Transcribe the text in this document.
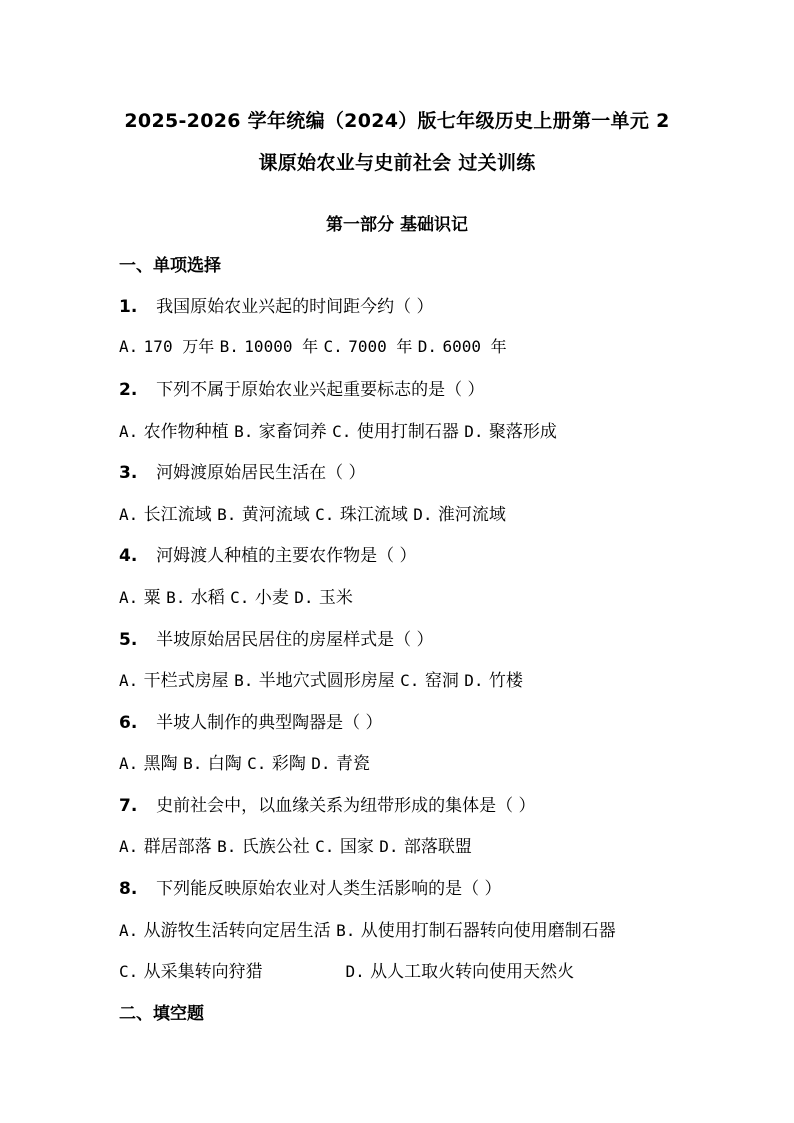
2025-2026 学年统编（2024）版七年级历史上册第一单元 2
课原始农业与史前社会 过关训练
第一部分 基础识记
一、单项选择
1. 我国原始农业兴起的时间距今约（ ）
A. 170 万年 B. 10000 年 C. 7000 年 D. 6000 年
2. 下列不属于原始农业兴起重要标志的是（ ）
A. 农作物种植 B. 家畜饲养 C. 使用打制石器 D. 聚落形成
3. 河姆渡原始居民生活在（ ）
A. 长江流域 B. 黄河流域 C. 珠江流域 D. 淮河流域
4. 河姆渡人种植的主要农作物是（ ）
A. 粟 B. 水稻 C. 小麦 D. 玉米
5. 半坡原始居民居住的房屋样式是（ ）
A. 干栏式房屋 B. 半地穴式圆形房屋 C. 窑洞 D. 竹楼
6. 半坡人制作的典型陶器是（ ）
A. 黑陶 B. 白陶 C. 彩陶 D. 青瓷
7. 史前社会中，以血缘关系为纽带形成的集体是（ ）
A. 群居部落 B. 氏族公社 C. 国家 D. 部落联盟
8. 下列能反映原始农业对人类生活影响的是（ ）
A. 从游牧生活转向定居生活 B. 从使用打制石器转向使用磨制石器
C. 从采集转向狩猎	D. 从人工取火转向使用天然火
二、填空题
